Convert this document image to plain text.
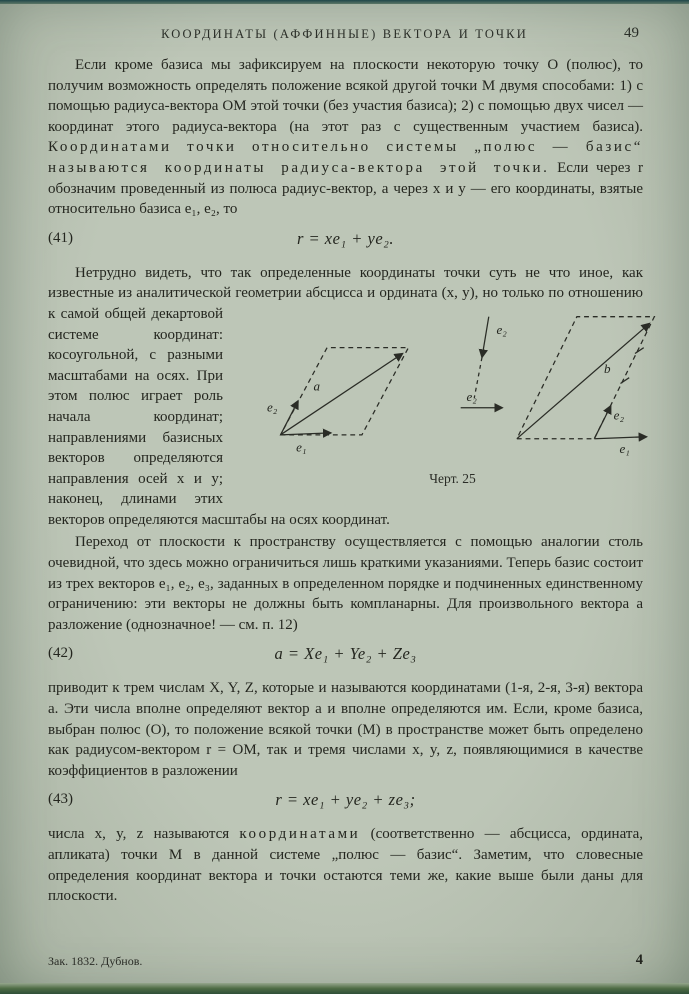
КООРДИНАТЫ (АФФИННЫЕ) ВЕКТОРА И ТОЧКИ	49

Если кроме базиса мы зафиксируем на плоскости некоторую точку О (полюс), то получим возможность определять положение всякой другой точки М двумя способами: 1) с помощью радиуса-вектора ОМ этой точки (без участия базиса); 2) с помощью двух чисел — координат этого радиуса-вектора (на этот раз с существенным участием базиса). Координатами точки относительно системы „полюс — базис“ называются координаты радиуса-вектора этой точки. Если через r обозначим проведенный из полюса радиус-вектор, а через x и y — его координаты, взятые относительно базиса e₁, e₂, то

(41)	r = xe₁ + ye₂.

Нетрудно видеть, что так определенные координаты точки суть не что иное, как известные из аналитической геометрии абсцисса и ордината (x, y), но только
a
e₂
e₁
e₂
e₂
b
e₂
e₁
Черт. 25
по отношению к самой общей декартовой системе координат: косоугольной, с разными масштабами на осях. При этом полюс играет роль начала координат; направлениями базисных векторов определяются направления осей x и y; наконец, длинами этих векторов определяются масштабы на осях координат.

Переход от плоскости к пространству осуществляется с помощью аналогии столь очевидной, что здесь можно ограничиться лишь краткими указаниями. Теперь базис состоит из трех векторов e₁, e₂, e₃, заданных в определенном порядке и подчиненных единственному ограничению: эти векторы не должны быть компланарны. Для произвольного вектора a разложение (однозначное! — см. п. 12)

(42)	a = Xe₁ + Ye₂ + Ze₃

приводит к трем числам X, Y, Z, которые и называются координатами (1-я, 2-я, 3-я) вектора a. Эти числа вполне определяют вектор a и вполне определяются им. Если, кроме базиса, выбран полюс (О), то положение всякой точки (М) в пространстве может быть определено как радиусом-вектором r = ОМ, так и тремя числами x, y, z, появляющимися в качестве коэффициентов в разложении

(43)	r = xe₁ + ye₂ + ze₃;

числа x, y, z называются координатами (соответственно — абсцисса, ордината, апликата) точки М в данной системе „полюс — базис“. Заметим, что словесные определения координат вектора и точки остаются теми же, какие выше были даны для плоскости.

Зак. 1832. Дубнов.	4
